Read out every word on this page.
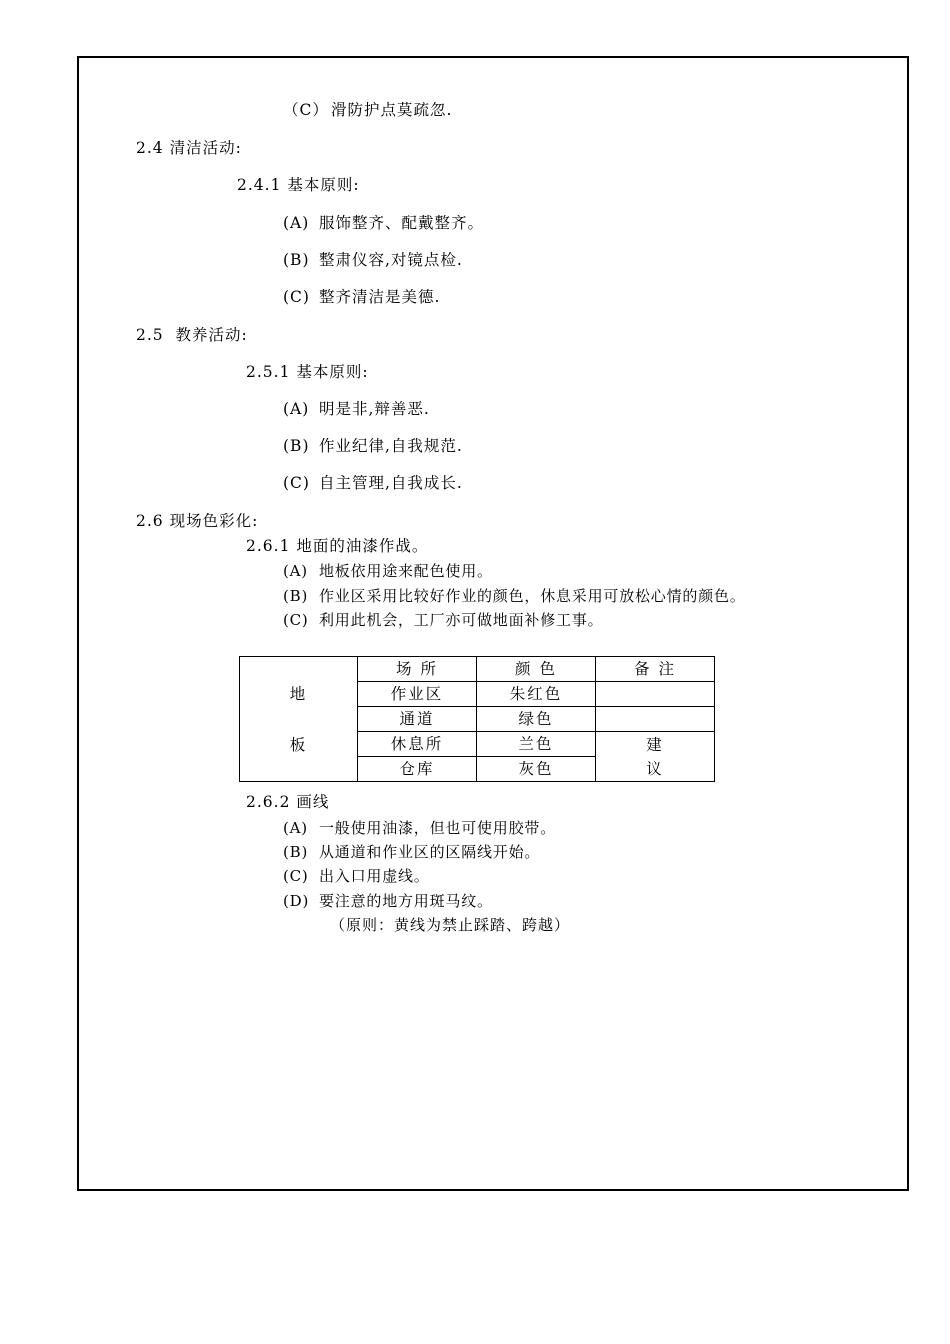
（C） 滑防护点莫疏忽.
2.4 清洁活动:
2.4.1 基本原则:
(A) 服饰整齐、配戴整齐。
(B) 整肃仪容,对镜点检.
(C) 整齐清洁是美德.
2.5  教养活动:
2.5.1 基本原则:
(A) 明是非,辩善恶.
(B) 作业纪律,自我规范.
(C) 自主管理,自我成长.
2.6 现场色彩化:
2.6.1 地面的油漆作战。
(A) 地板依用途来配色使用。
(B) 作业区采用比较好作业的颜色，休息采用可放松心情的颜色。
(C) 利用此机会，工厂亦可做地面补修工事。
地	场 所	颜 色	备 注
	作业区	朱红色	
	通道	绿色	
板	休息所	兰色	建
议
	仓库	灰色	
2.6.2 画线
(A) 一般使用油漆，但也可使用胶带。
(B) 从通道和作业区的区隔线开始。
(C) 出入口用虚线。
(D) 要注意的地方用斑马纹。
（原则：黄线为禁止踩踏、跨越）
